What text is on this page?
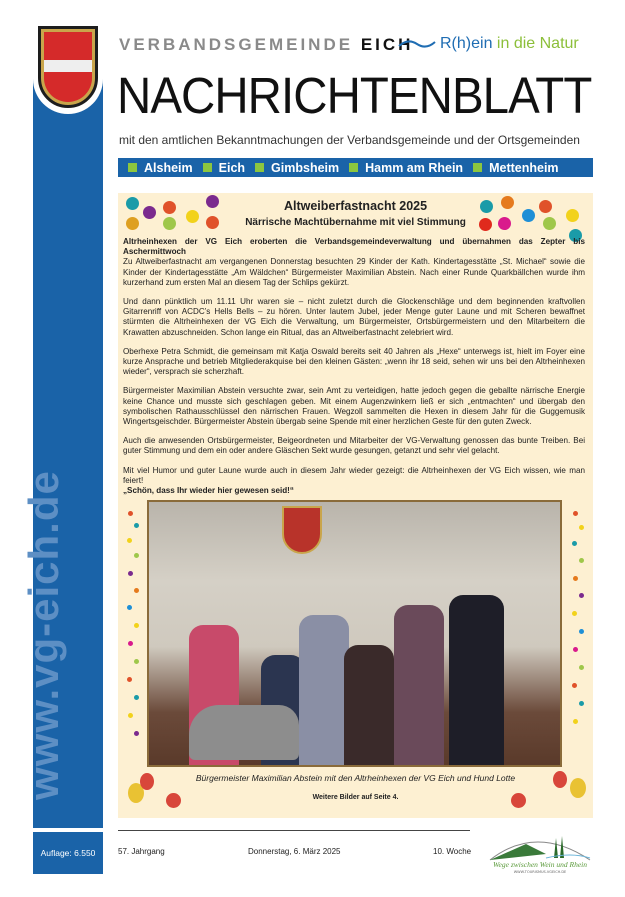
www.vg-eich.de
Auflage: 6.550
VERBANDSGEMEINDE EICH R(h)ein in die Natur
NACHRICHTENBLATT
mit den amtlichen Bekanntmachungen der Verbandsgemeinde und der Ortsgemeinden
Alsheim Eich Gimbsheim Hamm am Rhein Mettenheim
Altweiberfastnacht 2025
Närrische Machtübernahme mit viel Stimmung

Altrheinhexen der VG Eich eroberten die Verbandsgemeindeverwaltung und übernahmen das Zepter bis Aschermittwoch

Zu Altweiberfastnacht am vergangenen Donnerstag besuchten 29 Kinder der Kath. Kindertagesstätte „St. Michael“ sowie die Kinder der Kindertagesstätte „Am Wäldchen“ Bürgermeister Maximilian Abstein. Nach einer Runde Quarkbällchen wurde ihm kurzerhand zum ersten Mal an diesem Tag der Schlips gekürzt.

Und dann pünktlich um 11.11 Uhr waren sie – nicht zuletzt durch die Glockenschläge und dem beginnenden kraftvollen Gitarrenriff von ACDC’s Hells Bells – zu hören. Unter lautem Jubel, jeder Menge guter Laune und mit Scheren bewaffnet stürmten die Altrheinhexen der VG Eich die Verwaltung, um Bürgermeister, Ortsbürgermeistern und den Mitarbeitern die Krawatten abzuschneiden. Schon lange ein Ritual, das an Altweiberfastnacht zelebriert wird.

Oberhexe Petra Schmidt, die gemeinsam mit Katja Oswald bereits seit 40 Jahren als „Hexe“ unterwegs ist, hielt im Foyer eine kurze Ansprache und betrieb Mitgliederakquise bei den kleinen Gästen: „wenn ihr 18 seid, sehen wir uns bei den Altrheinhexen wieder“, versprach sie scherzhaft.

Bürgermeister Maximilian Abstein versuchte zwar, sein Amt zu verteidigen, hatte jedoch gegen die geballte närrische Energie keine Chance und musste sich geschlagen geben. Mit einem Augenzwinkern ließ er sich „entmachten“ und übergab den symbolischen Rathausschlüssel den närrischen Frauen. Wegzoll sammelten die Hexen in diesem Jahr für die Guggemusik Wingertsgeischder. Bürgermeister Abstein übergab seine Spende mit einer herzlichen Geste für den guten Zweck.

Auch die anwesenden Ortsbürgermeister, Beigeordneten und Mitarbeiter der VG-Verwaltung genossen das bunte Treiben. Bei guter Stimmung und dem ein oder andere Gläschen Sekt wurde gesungen, getanzt und sehr viel gelacht.

Mit viel Humor und guter Laune wurde auch in diesem Jahr wieder gezeigt: die Altrheinhexen der VG Eich wissen, wie man feiert!

„Schön, dass Ihr wieder hier gewesen seid!“

Bürgermeister Maximilian Abstein mit den Altrheinhexen der VG Eich und Hund Lotte
Weitere Bilder auf Seite 4.
57. Jahrgang	Donnerstag, 6. März 2025	10. Woche
Wege zwischen Wein und Rhein
WWW.TOURISMUS.VGEICH.DE
